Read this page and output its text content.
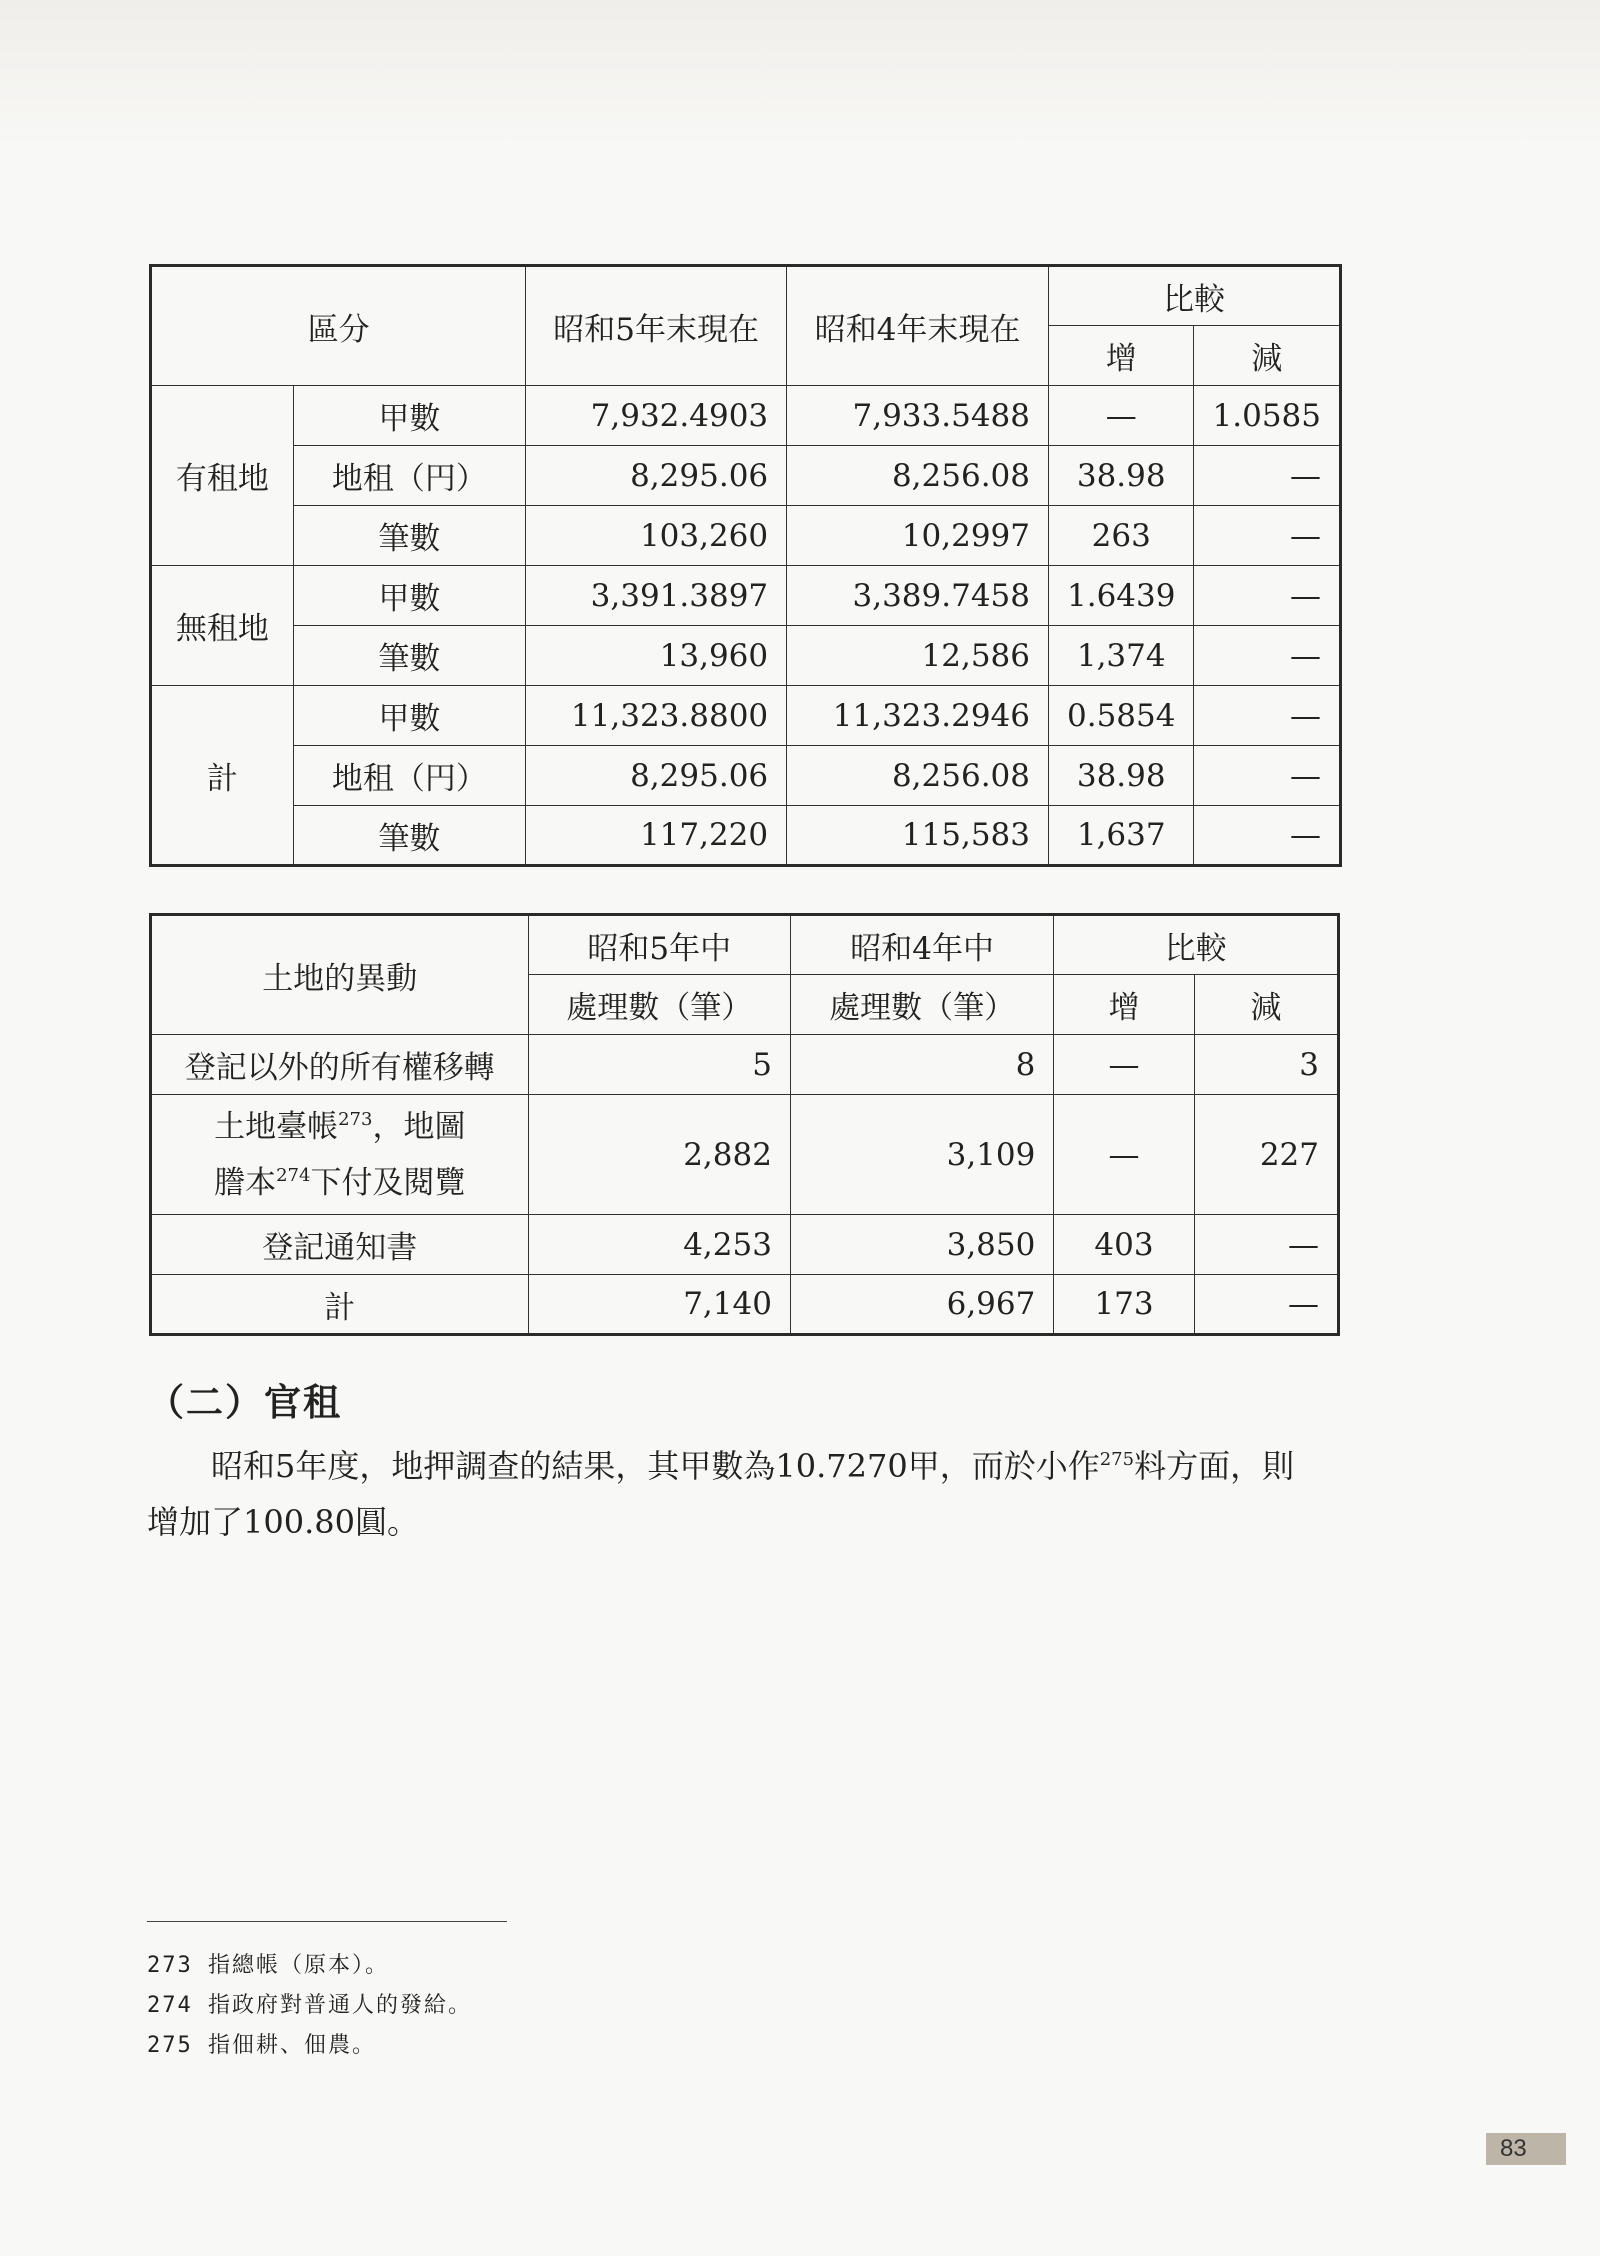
區分		昭和5年末現在	昭和4年末現在	比較	
				增	減
有租地	甲數	7,932.4903	7,933.5488	—	1.0585
	地租（円）	8,295.06	8,256.08	38.98	—
	筆數	103,260	10,2997	263	—
無租地	甲數	3,391.3897	3,389.7458	1.6439	—
	筆數	13,960	12,586	1,374	—
計	甲數	11,323.8800	11,323.2946	0.5854	—
	地租（円）	8,295.06	8,256.08	38.98	—
	筆數	117,220	115,583	1,637	—
土地的異動	昭和5年中	昭和4年中	比較	
	處理數（筆）	處理數（筆）	增	減
登記以外的所有權移轉	5	8	—	3
土地臺帳$^{273}$，地圖
謄本$^{274}$下付及閱覽	2,882	3,109	—	227
登記通知書	4,253	3,850	403	—
計	7,140	6,967	173	—
（二）官租
昭和5年度，地押調查的結果，其甲數為10.7270甲，而於小作$^{275}$料方面，則
增加了100.80圓。
273 指總帳（原本）。
274 指政府對普通人的發給。
275 指佃耕、佃農。
83
